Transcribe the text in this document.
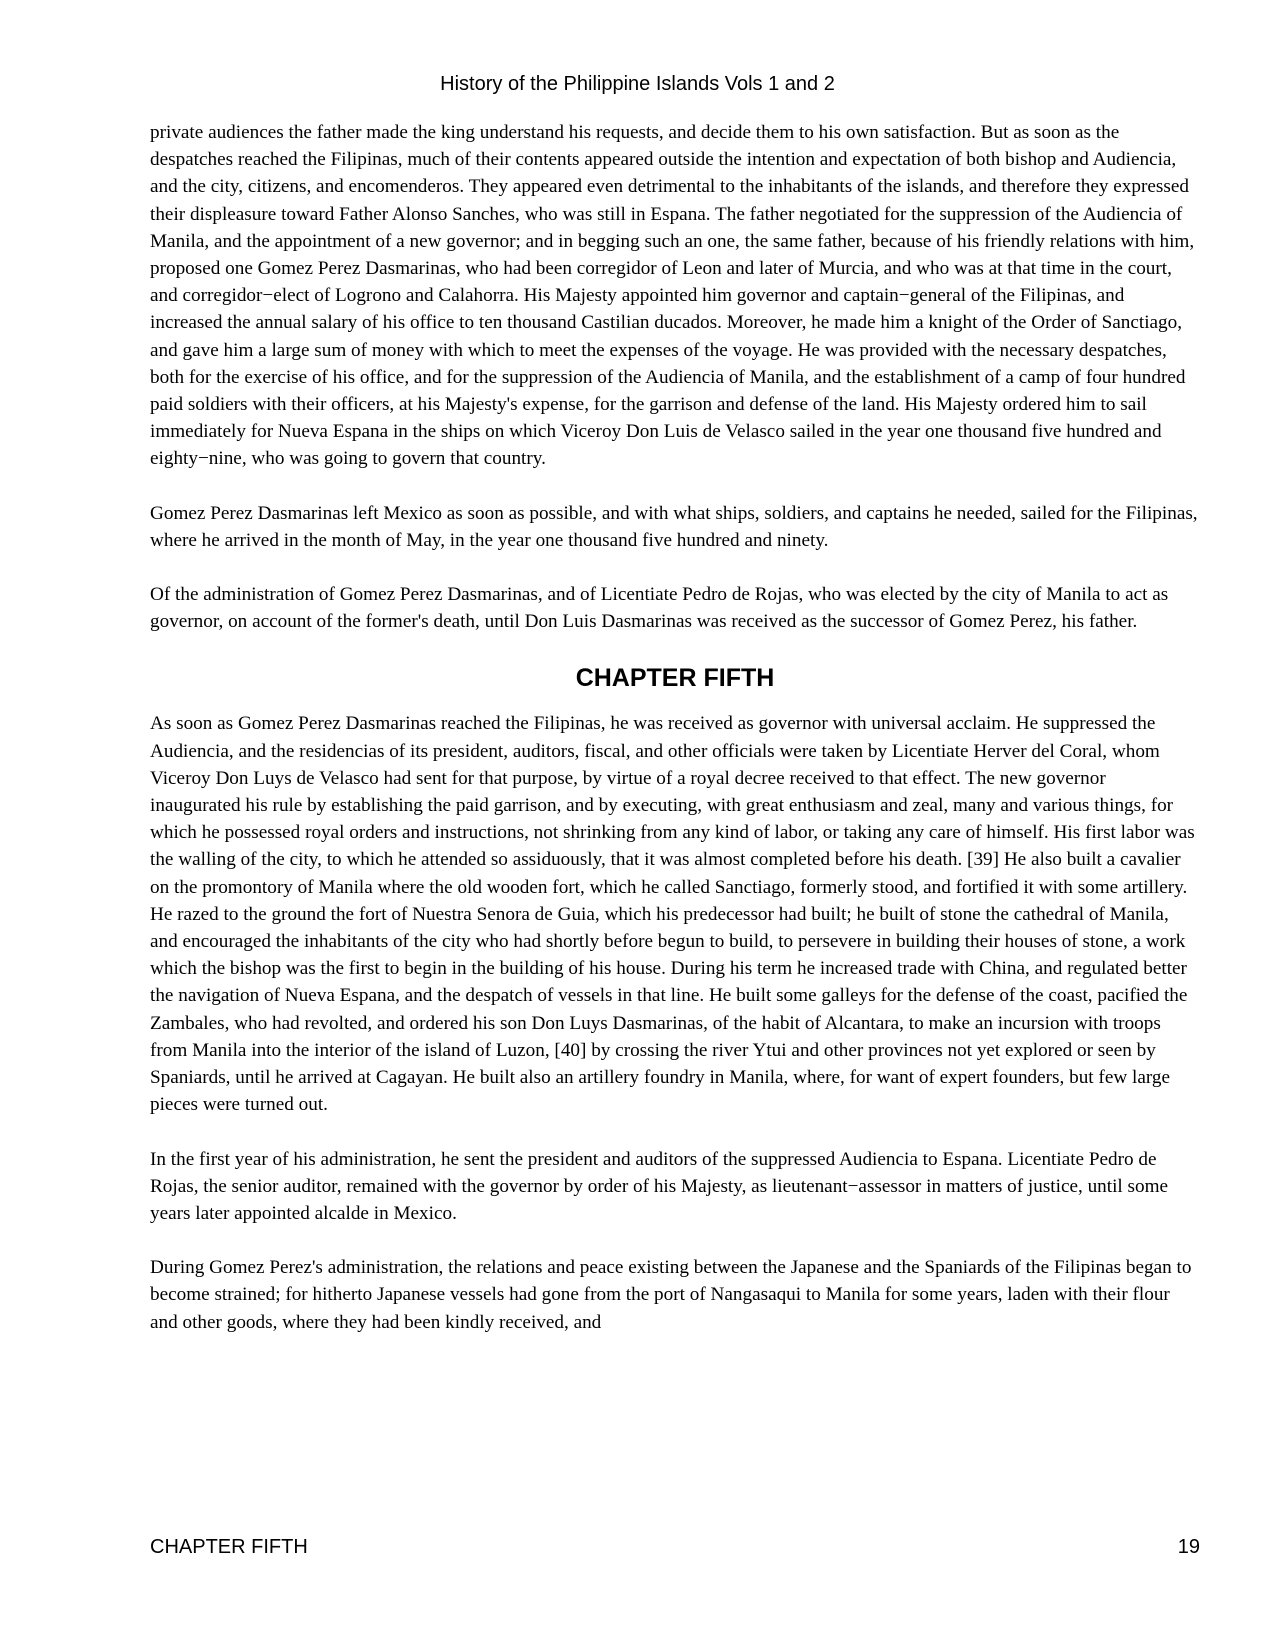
History of the Philippine Islands Vols 1 and 2

private audiences the father made the king understand his requests, and decide them to his own satisfaction. But as soon as the despatches reached the Filipinas, much of their contents appeared outside the intention and expectation of both bishop and Audiencia, and the city, citizens, and encomenderos. They appeared even detrimental to the inhabitants of the islands, and therefore they expressed their displeasure toward Father Alonso Sanches, who was still in Espana. The father negotiated for the suppression of the Audiencia of Manila, and the appointment of a new governor; and in begging such an one, the same father, because of his friendly relations with him, proposed one Gomez Perez Dasmarinas, who had been corregidor of Leon and later of Murcia, and who was at that time in the court, and corregidor−elect of Logrono and Calahorra. His Majesty appointed him governor and captain−general of the Filipinas, and increased the annual salary of his office to ten thousand Castilian ducados. Moreover, he made him a knight of the Order of Sanctiago, and gave him a large sum of money with which to meet the expenses of the voyage. He was provided with the necessary despatches, both for the exercise of his office, and for the suppression of the Audiencia of Manila, and the establishment of a camp of four hundred paid soldiers with their officers, at his Majesty's expense, for the garrison and defense of the land. His Majesty ordered him to sail immediately for Nueva Espana in the ships on which Viceroy Don Luis de Velasco sailed in the year one thousand five hundred and eighty−nine, who was going to govern that country.

Gomez Perez Dasmarinas left Mexico as soon as possible, and with what ships, soldiers, and captains he needed, sailed for the Filipinas, where he arrived in the month of May, in the year one thousand five hundred and ninety.

Of the administration of Gomez Perez Dasmarinas, and of Licentiate Pedro de Rojas, who was elected by the city of Manila to act as governor, on account of the former's death, until Don Luis Dasmarinas was received as the successor of Gomez Perez, his father.

CHAPTER FIFTH

As soon as Gomez Perez Dasmarinas reached the Filipinas, he was received as governor with universal acclaim. He suppressed the Audiencia, and the residencias of its president, auditors, fiscal, and other officials were taken by Licentiate Herver del Coral, whom Viceroy Don Luys de Velasco had sent for that purpose, by virtue of a royal decree received to that effect. The new governor inaugurated his rule by establishing the paid garrison, and by executing, with great enthusiasm and zeal, many and various things, for which he possessed royal orders and instructions, not shrinking from any kind of labor, or taking any care of himself. His first labor was the walling of the city, to which he attended so assiduously, that it was almost completed before his death. [39] He also built a cavalier on the promontory of Manila where the old wooden fort, which he called Sanctiago, formerly stood, and fortified it with some artillery. He razed to the ground the fort of Nuestra Senora de Guia, which his predecessor had built; he built of stone the cathedral of Manila, and encouraged the inhabitants of the city who had shortly before begun to build, to persevere in building their houses of stone, a work which the bishop was the first to begin in the building of his house. During his term he increased trade with China, and regulated better the navigation of Nueva Espana, and the despatch of vessels in that line. He built some galleys for the defense of the coast, pacified the Zambales, who had revolted, and ordered his son Don Luys Dasmarinas, of the habit of Alcantara, to make an incursion with troops from Manila into the interior of the island of Luzon, [40] by crossing the river Ytui and other provinces not yet explored or seen by Spaniards, until he arrived at Cagayan. He built also an artillery foundry in Manila, where, for want of expert founders, but few large pieces were turned out.

In the first year of his administration, he sent the president and auditors of the suppressed Audiencia to Espana. Licentiate Pedro de Rojas, the senior auditor, remained with the governor by order of his Majesty, as lieutenant−assessor in matters of justice, until some years later appointed alcalde in Mexico.

During Gomez Perez's administration, the relations and peace existing between the Japanese and the Spaniards of the Filipinas began to become strained; for hitherto Japanese vessels had gone from the port of Nangasaqui to Manila for some years, laden with their flour and other goods, where they had been kindly received, and

CHAPTER FIFTH	19
